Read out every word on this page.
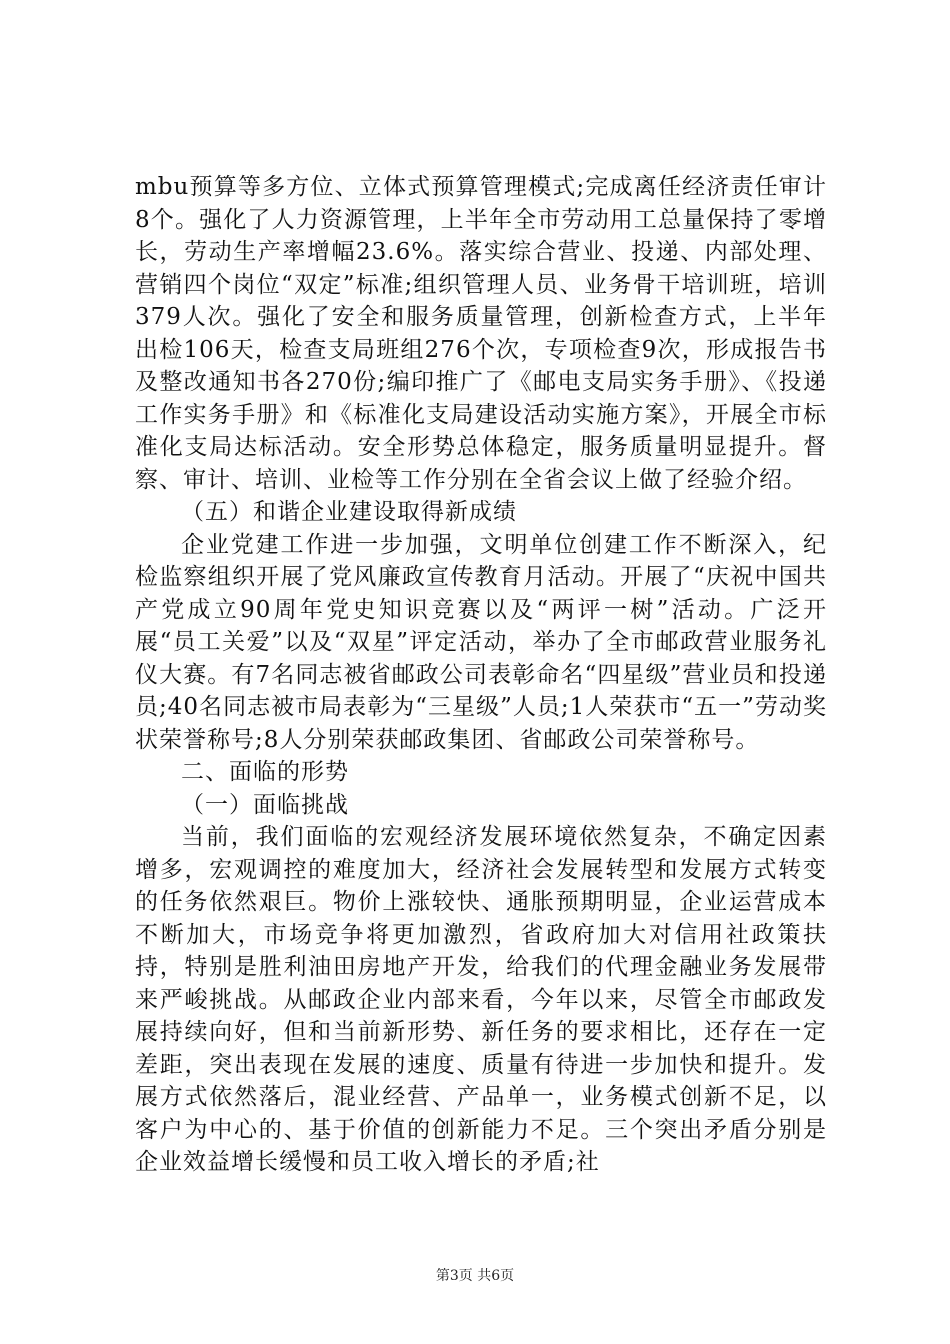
mbu预算等多方位、立体式预算管理模式;完成离任经济责任审计8个。强化了人力资源管理，上半年全市劳动用工总量保持了零增长，劳动生产率增幅23.6%。落实综合营业、投递、内部处理、营销四个岗位“双定”标准;组织管理人员、业务骨干培训班，培训379人次。强化了安全和服务质量管理，创新检查方式，上半年出检106天，检查支局班组276个次，专项检查9次，形成报告书及整改通知书各270份;编印推广了《邮电支局实务手册》、《投递工作实务手册》和《标准化支局建设活动实施方案》，开展全市标准化支局达标活动。安全形势总体稳定，服务质量明显提升。督察、审计、培训、业检等工作分别在全省会议上做了经验介绍。

（五）和谐企业建设取得新成绩

企业党建工作进一步加强，文明单位创建工作不断深入，纪检监察组织开展了党风廉政宣传教育月活动。开展了“庆祝中国共产党成立90周年党史知识竞赛以及“两评一树”活动。广泛开展“员工关爱”以及“双星”评定活动，举办了全市邮政营业服务礼仪大赛。有7名同志被省邮政公司表彰命名“四星级”营业员和投递员;40名同志被市局表彰为“三星级”人员;1人荣获市“五一”劳动奖状荣誉称号;8人分别荣获邮政集团、省邮政公司荣誉称号。

二、面临的形势

（一）面临挑战

当前，我们面临的宏观经济发展环境依然复杂，不确定因素增多，宏观调控的难度加大，经济社会发展转型和发展方式转变的任务依然艰巨。物价上涨较快、通胀预期明显，企业运营成本不断加大，市场竞争将更加激烈，省政府加大对信用社政策扶持，特别是胜利油田房地产开发，给我们的代理金融业务发展带来严峻挑战。从邮政企业内部来看，今年以来，尽管全市邮政发展持续向好，但和当前新形势、新任务的要求相比，还存在一定差距，突出表现在发展的速度、质量有待进一步加快和提升。发展方式依然落后，混业经营、产品单一，业务模式创新不足，以客户为中心的、基于价值的创新能力不足。三个突出矛盾分别是企业效益增长缓慢和员工收入增长的矛盾;社

第3页 共6页
